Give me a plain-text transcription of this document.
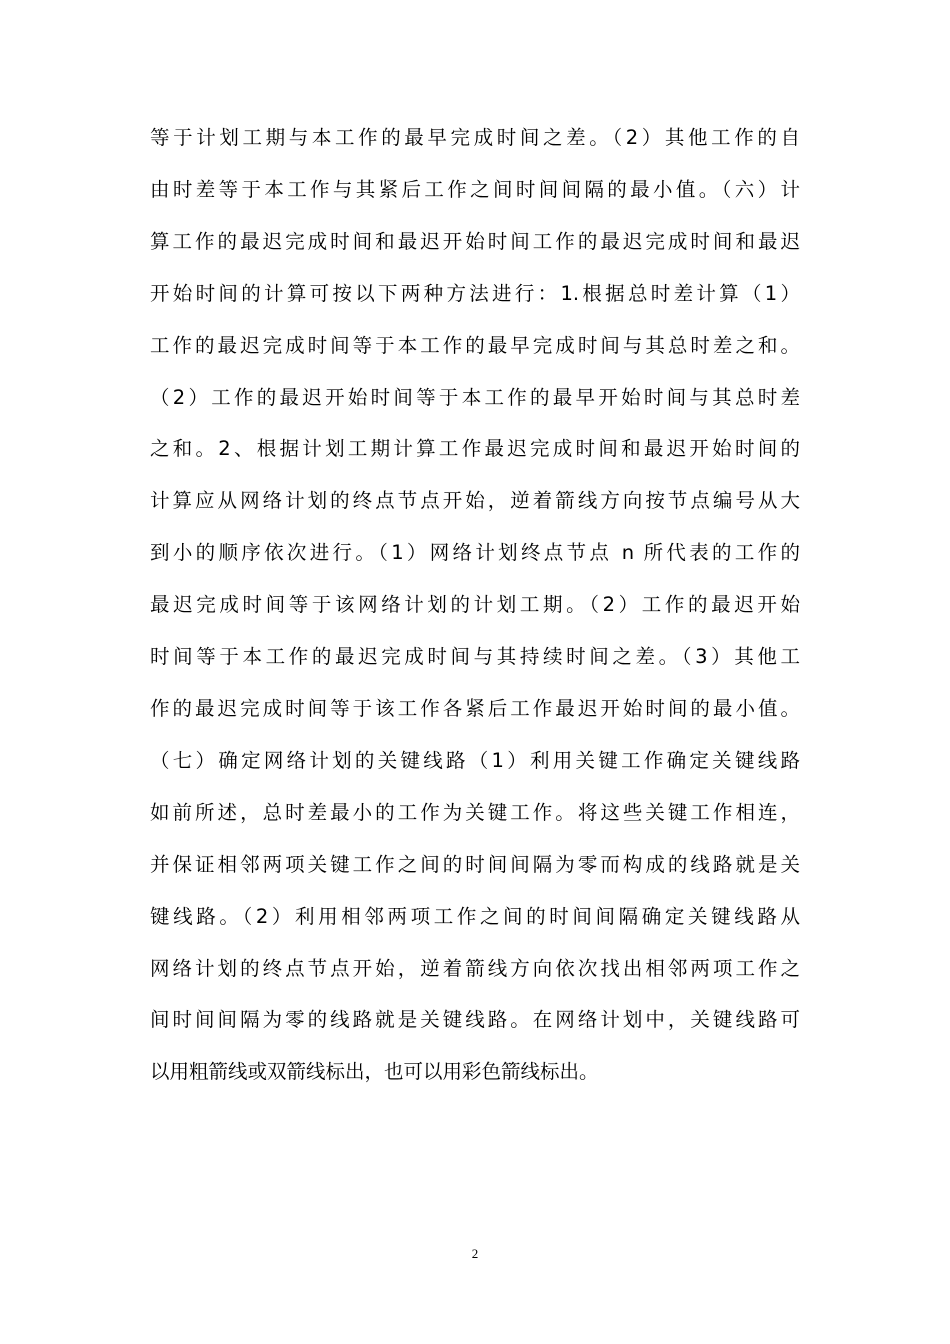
等于计划工期与本工作的最早完成时间之差。（2）其他工作的自
由时差等于本工作与其紧后工作之间时间间隔的最小值。（六）计
算工作的最迟完成时间和最迟开始时间工作的最迟完成时间和最迟
开始时间的计算可按以下两种方法进行：1.根据总时差计算（1）
工作的最迟完成时间等于本工作的最早完成时间与其总时差之和。
（2）工作的最迟开始时间等于本工作的最早开始时间与其总时差
之和。2、根据计划工期计算工作最迟完成时间和最迟开始时间的
计算应从网络计划的终点节点开始，逆着箭线方向按节点编号从大
到小的顺序依次进行。（1）网络计划终点节点 n 所代表的工作的
最迟完成时间等于该网络计划的计划工期。（2）工作的最迟开始
时间等于本工作的最迟完成时间与其持续时间之差。（3）其他工
作的最迟完成时间等于该工作各紧后工作最迟开始时间的最小值。
（七）确定网络计划的关键线路（1）利用关键工作确定关键线路
如前所述，总时差最小的工作为关键工作。将这些关键工作相连，
并保证相邻两项关键工作之间的时间间隔为零而构成的线路就是关
键线路。（2）利用相邻两项工作之间的时间间隔确定关键线路从
网络计划的终点节点开始，逆着箭线方向依次找出相邻两项工作之
间时间间隔为零的线路就是关键线路。在网络计划中，关键线路可
以用粗箭线或双箭线标出，也可以用彩色箭线标出。
2
